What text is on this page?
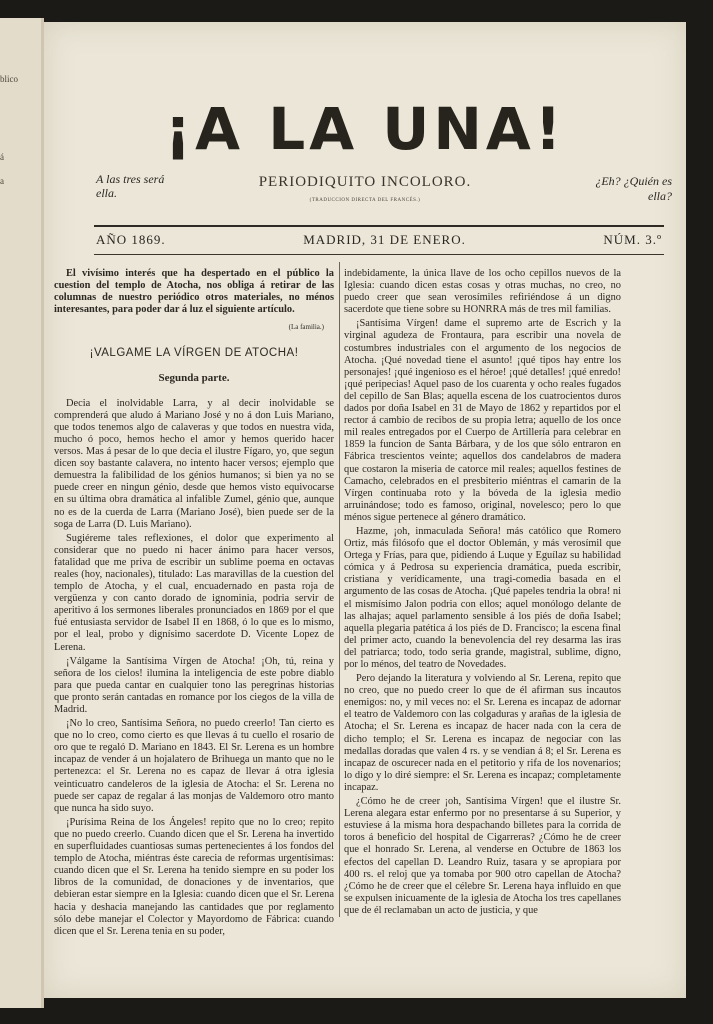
blico
á
a
¡A LA UNA!
A las tres será ella.
PERIODIQUITO INCOLORO.
(TRADUCCION DIRECTA DEL FRANCÉS.)
¿Eh? ¿Quién es ella?
AÑO 1869.	MADRID, 31 DE ENERO.	NÚM. 3.º

El vivísimo interés que ha despertado en el público la cuestion del templo de Atocha, nos obliga á retirar de las columnas de nuestro periódico otros materiales, no ménos interesantes, para poder dar á luz el siguiente artículo.

(La familia.)
¡VALGAME LA VÍRGEN DE ATOCHA!
Segunda parte.

Decia el inolvidable Larra, y al decir inolvidable se comprenderá que aludo á Mariano José y no á don Luis Mariano, que todos tenemos algo de calaveras y que todos en nuestra vida, mucho ó poco, hemos hecho el amor y hemos querido hacer versos. Mas á pesar de lo que decia el ilustre Fígaro, yo, que segun dicen soy bastante calavera, no intento hacer versos; ejemplo que demuestra la falibilidad de los génios humanos; si bien ya no se puede creer en ningun génio, desde que hemos visto equivocarse en su última obra dramática al infalible Zumel, génio que, aunque no es de la cuerda de Larra (Mariano José), bien puede ser de la soga de Larra (D. Luis Mariano).

Sugiéreme tales reflexiones, el dolor que experimento al considerar que no puedo ni hacer ánimo para hacer versos, fatalidad que me priva de escribir un sublime poema en octavas reales (hoy, nacionales), titulado: Las maravillas de la cuestion del templo de Atocha, y el cual, encuadernado en pasta roja de vergüenza y con canto dorado de ignominia, podria servir de aperitivo á los sermones liberales pronunciados en 1869 por el que fué entusiasta servidor de Isabel II en 1868, ó lo que es lo mismo, por el leal, probo y dignísimo sacerdote D. Vicente Lopez de Lerena.

¡Válgame la Santísima Vírgen de Atocha! ¡Oh, tú, reina y señora de los cielos! ilumina la inteligencia de este pobre diablo para que pueda cantar en cualquier tono las peregrinas historias que pronto serán cantadas en romance por los ciegos de la villa de Madrid.

¡No lo creo, Santísima Señora, no puedo creerlo! Tan cierto es que no lo creo, como cierto es que llevas á tu cuello el rosario de oro que te regaló D. Mariano en 1843. El Sr. Lerena es un hombre incapaz de vender á un hojalatero de Brihuega un manto que no le pertenezca: el Sr. Lerena no es capaz de llevar á otra iglesia veinticuatro candeleros de la iglesia de Atocha: el Sr. Lerena no puede ser capaz de regalar á las monjas de Valdemoro otro manto que nunca ha sido suyo.

¡Purísima Reina de los Ángeles! repito que no lo creo; repito que no puedo creerlo. Cuando dicen que el Sr. Lerena ha invertido en superfluidades cuantiosas sumas pertenecientes á los fondos del templo de Atocha, miéntras éste carecia de reformas urgentísimas: cuando dicen que el Sr. Lerena ha tenido siempre en su poder los libros de la comunidad, de donaciones y de inventarios, que debieran estar siempre en la Iglesia: cuando dicen que el Sr. Lerena hacia y deshacia manejando las cantidades que por reglamento sólo debe manejar el Colector y Mayordomo de Fábrica: cuando dicen que el Sr. Lerena tenia en su poder,

indebidamente, la única llave de los ocho cepillos nuevos de la Iglesia: cuando dicen estas cosas y otras muchas, no creo, no puedo creer que sean verosímiles refiriéndose á un digno sacerdote que tiene sobre su HONRRA más de tres mil familias.

¡Santísima Vírgen! dame el supremo arte de Escrich y la virginal agudeza de Frontaura, para escribir una novela de costumbres industriales con el argumento de los negocios de Atocha. ¡Qué novedad tiene el asunto! ¡qué tipos hay entre los personajes! ¡qué ingenioso es el héroe! ¡qué detalles! ¡qué enredo! ¡qué peripecias! Aquel paso de los cuarenta y ocho reales fugados del cepillo de San Blas; aquella escena de los cuatrocientos duros dados por doña Isabel en 31 de Mayo de 1862 y repartidos por el rector á cambio de recibos de su propia letra; aquello de los once mil reales entregados por el Cuerpo de Artillería para celebrar en 1859 la funcion de Santa Bárbara, y de los que sólo entraron en Fábrica trescientos veinte; aquellos dos candelabros de madera que costaron la miseria de catorce mil reales; aquellos festines de Camacho, celebrados en el presbiterio miéntras el camarin de la Vírgen continuaba roto y la bóveda de la iglesia medio arruinándose; todo es famoso, original, novelesco; pero lo que ménos sigue pertenece al género dramático.

Hazme, ¡oh, inmaculada Señora! más católico que Romero Ortiz, más filósofo que el doctor Oblemán, y más verosímil que Ortega y Frías, para que, pidiendo á Luque y Eguílaz su habilidad cómica y á Pedrosa su experiencia dramática, pueda escribir, cristiana y verídicamente, una tragi-comedia basada en el argumento de las cosas de Atocha. ¡Qué papeles tendria la obra! ni el mismísimo Jalon podria con ellos; aquel monólogo delante de las alhajas; aquel parlamento sensible á los piés de doña Isabel; aquella plegaria patética á los piés de D. Francisco; la escena final del primer acto, cuando la benevolencia del rey desarma las iras del patriarca; todo, todo seria grande, magistral, sublime, digno, por lo ménos, del teatro de Novedades.

Pero dejando la literatura y volviendo al Sr. Lerena, repito que no creo, que no puedo creer lo que de él afirman sus incautos enemigos: no, y mil veces no: el Sr. Lerena es incapaz de adornar el teatro de Valdemoro con las colgaduras y arañas de la iglesia de Atocha; el Sr. Lerena es incapaz de hacer nada con la cera de dicho templo; el Sr. Lerena es incapaz de negociar con las medallas doradas que valen 4 rs. y se vendian á 8; el Sr. Lerena es incapaz de oscurecer nada en el petitorio y rifa de los novenarios; lo digo y lo diré siempre: el Sr. Lerena es incapaz; completamente incapaz.

¿Cómo he de creer ¡oh, Santísima Vírgen! que el ilustre Sr. Lerena alegara estar enfermo por no presentarse á su Superior, y estuviese á la misma hora despachando billetes para la corrida de toros á beneficio del hospital de Cigarreras? ¿Cómo he de creer que el honrado Sr. Lerena, al venderse en Octubre de 1863 los efectos del capellan D. Leandro Ruiz, tasara y se apropiara por 400 rs. el reloj que ya tomaba por 900 otro capellan de Atocha? ¿Cómo he de creer que el célebre Sr. Lerena haya influido en que se expulsen inicuamente de la iglesia de Atocha los tres capellanes que de él reclamaban un acto de justicia, y que
